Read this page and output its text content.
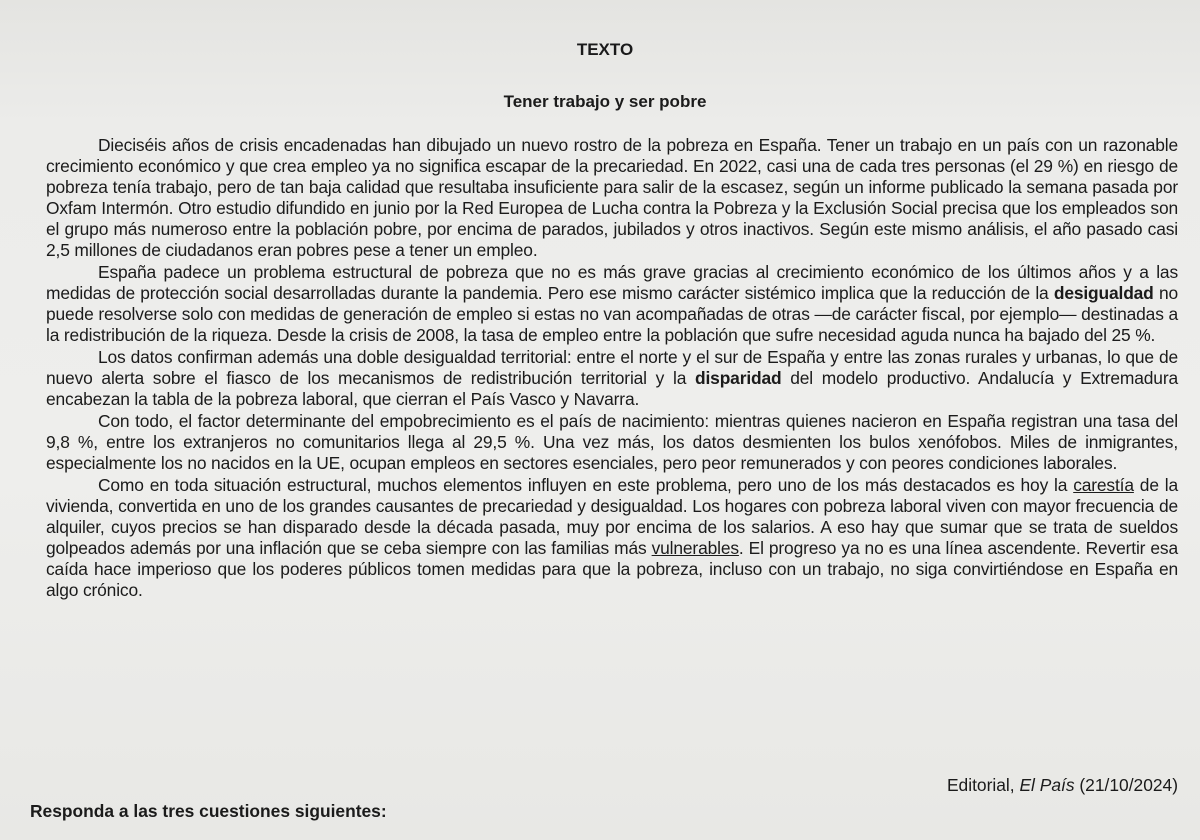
TEXTO
Tener trabajo y ser pobre

Dieciséis años de crisis encadenadas han dibujado un nuevo rostro de la pobreza en España. Tener un trabajo en un país con un razonable crecimiento económico y que crea empleo ya no significa escapar de la precariedad. En 2022, casi una de cada tres personas (el 29 %) en riesgo de pobreza tenía trabajo, pero de tan baja calidad que resultaba insuficiente para salir de la escasez, según un informe publicado la semana pasada por Oxfam Intermón. Otro estudio difundido en junio por la Red Europea de Lucha contra la Pobreza y la Exclusión Social precisa que los empleados son el grupo más numeroso entre la población pobre, por encima de parados, jubilados y otros inactivos. Según este mismo análisis, el año pasado casi 2,5 millones de ciudadanos eran pobres pese a tener un empleo.

España padece un problema estructural de pobreza que no es más grave gracias al crecimiento económico de los últimos años y a las medidas de protección social desarrolladas durante la pandemia. Pero ese mismo carácter sistémico implica que la reducción de la desigualdad no puede resolverse solo con medidas de generación de empleo si estas no van acompañadas de otras —de carácter fiscal, por ejemplo— destinadas a la redistribución de la riqueza. Desde la crisis de 2008, la tasa de empleo entre la población que sufre necesidad aguda nunca ha bajado del 25 %.

Los datos confirman además una doble desigualdad territorial: entre el norte y el sur de España y entre las zonas rurales y urbanas, lo que de nuevo alerta sobre el fiasco de los mecanismos de redistribución territorial y la disparidad del modelo productivo. Andalucía y Extremadura encabezan la tabla de la pobreza laboral, que cierran el País Vasco y Navarra.

Con todo, el factor determinante del empobrecimiento es el país de nacimiento: mientras quienes nacieron en España registran una tasa del 9,8 %, entre los extranjeros no comunitarios llega al 29,5 %. Una vez más, los datos desmienten los bulos xenófobos. Miles de inmigrantes, especialmente los no nacidos en la UE, ocupan empleos en sectores esenciales, pero peor remunerados y con peores condiciones laborales.

Como en toda situación estructural, muchos elementos influyen en este problema, pero uno de los más destacados es hoy la carestía de la vivienda, convertida en uno de los grandes causantes de precariedad y desigualdad. Los hogares con pobreza laboral viven con mayor frecuencia de alquiler, cuyos precios se han disparado desde la década pasada, muy por encima de los salarios. A eso hay que sumar que se trata de sueldos golpeados además por una inflación que se ceba siempre con las familias más vulnerables. El progreso ya no es una línea ascendente. Revertir esa caída hace imperioso que los poderes públicos tomen medidas para que la pobreza, incluso con un trabajo, no siga convirtiéndose en España en algo crónico.

Editorial, El País (21/10/2024)
Responda a las tres cuestiones siguientes:
